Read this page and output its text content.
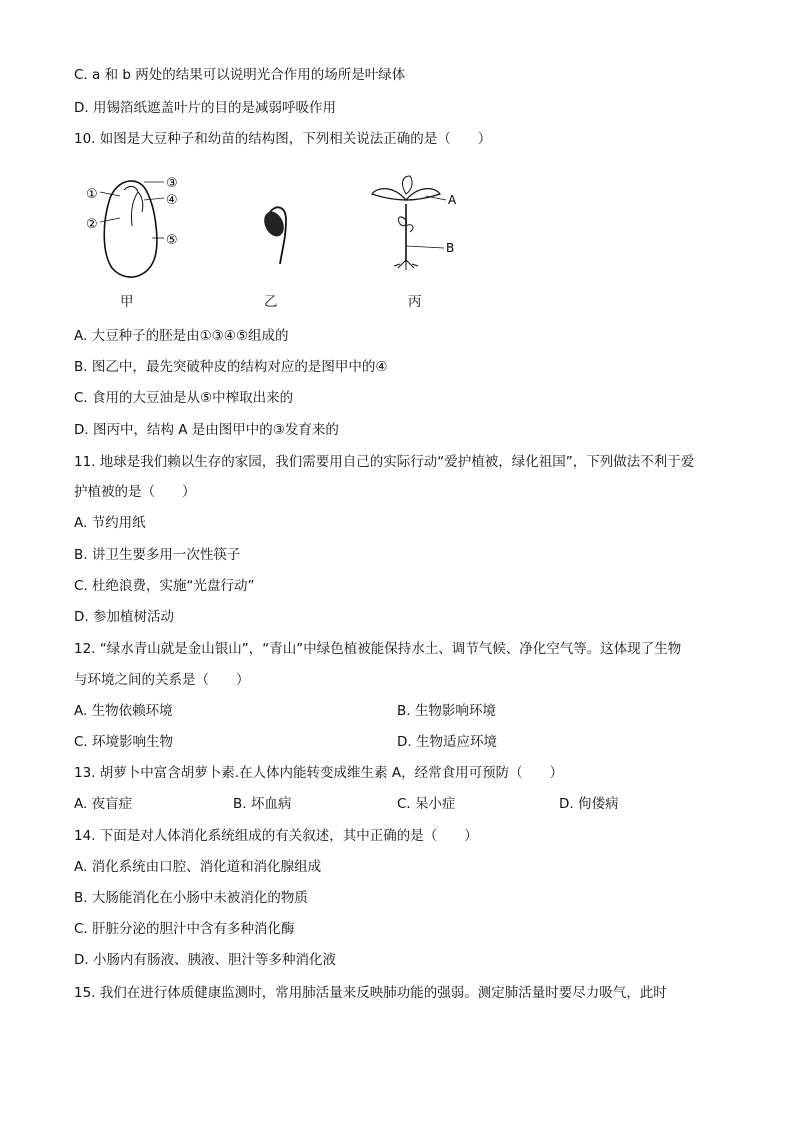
C. a 和 b 两处的结果可以说明光合作用的场所是叶绿体
D. 用锡箔纸遮盖叶片的目的是减弱呼吸作用
10. 如图是大豆种子和幼苗的结构图，下列相关说法正确的是（　　）
①
②
③
④
⑤
A
B
甲	乙	丙
A. 大豆种子的胚是由①③④⑤组成的
B. 图乙中，最先突破种皮的结构对应的是图甲中的④
C. 食用的大豆油是从⑤中榨取出来的
D. 图丙中，结构 A 是由图甲中的③发育来的
11. 地球是我们赖以生存的家园，我们需要用自己的实际行动“爱护植被，绿化祖国”，下列做法不利于爱
护植被的是（　　）
A. 节约用纸
B. 讲卫生要多用一次性筷子
C. 杜绝浪费，实施“光盘行动”
D. 参加植树活动
12. “绿水青山就是金山银山”，“青山”中绿色植被能保持水土、调节气候、净化空气等。这体现了生物
与环境之间的关系是（　　）
A. 生物依赖环境	B. 生物影响环境
C. 环境影响生物	D. 生物适应环境
13. 胡萝卜中富含胡萝卜素.在人体内能转变成维生素 A，经常食用可预防（　　）
A. 夜盲症	B. 坏血病	C. 呆小症	D. 佝偻病
14. 下面是对人体消化系统组成的有关叙述，其中正确的是（　　）
A. 消化系统由口腔、消化道和消化腺组成
B. 大肠能消化在小肠中未被消化的物质
C. 肝脏分泌的胆汁中含有多种消化酶
D. 小肠内有肠液、胰液、胆汁等多种消化液
15. 我们在进行体质健康监测时，常用肺活量来反映肺功能的强弱。测定肺活量时要尽力吸气，此时
